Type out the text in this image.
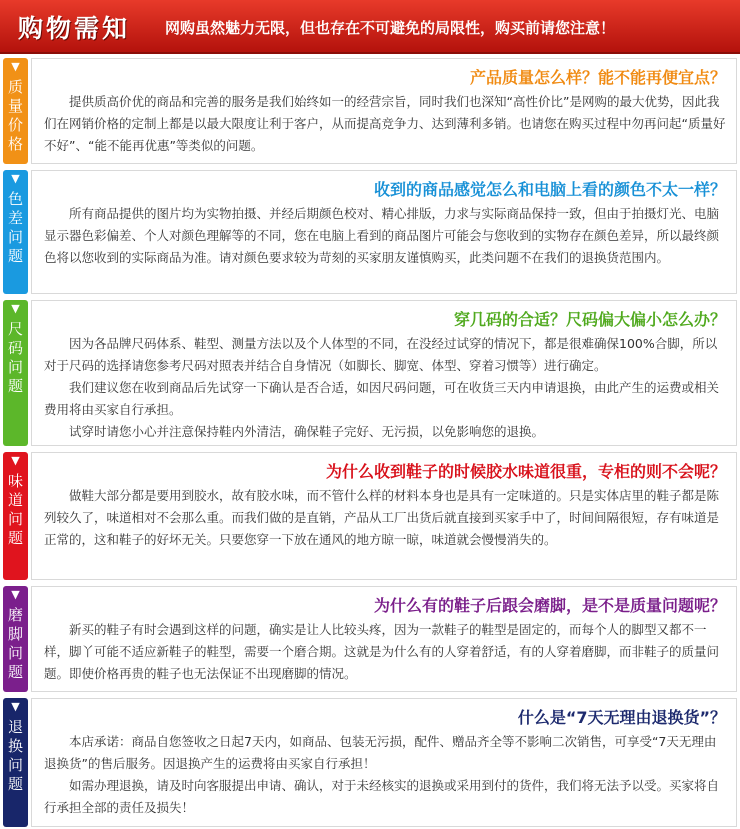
购物需知 网购虽然魅力无限，但也存在不可避免的局限性，购买前请您注意！
▼
质量价格
产品质量怎么样？能不能再便宜点？

提供质高价优的商品和完善的服务是我们始终如一的经营宗旨，同时我们也深知“高性价比”是网购的最大优势，因此我们在网销价格的定制上都是以最大限度让利于客户，从而提高竞争力、达到薄利多销。也请您在购买过程中勿再问起“质量好不好”、“能不能再优惠”等类似的问题。

▼
色差问题
收到的商品感觉怎么和电脑上看的颜色不太一样？

所有商品提供的图片均为实物拍摄、并经后期颜色校对、精心排版，力求与实际商品保持一致，但由于拍摄灯光、电脑显示器色彩偏差、个人对颜色理解等的不同，您在电脑上看到的商品图片可能会与您收到的实物存在颜色差异，所以最终颜色将以您收到的实际商品为准。请对颜色要求较为苛刻的买家朋友谨慎购买，此类问题不在我们的退换货范围内。

▼
尺码问题
穿几码的合适？尺码偏大偏小怎么办？

因为各品牌尺码体系、鞋型、测量方法以及个人体型的不同，在没经过试穿的情况下，都是很难确保100%合脚，所以对于尺码的选择请您参考尺码对照表并结合自身情况（如脚长、脚宽、体型、穿着习惯等）进行确定。

我们建议您在收到商品后先试穿一下确认是否合适，如因尺码问题，可在收货三天内申请退换，由此产生的运费或相关费用将由买家自行承担。

试穿时请您小心并注意保持鞋内外清洁，确保鞋子完好、无污损，以免影响您的退换。

▼
味道问题
为什么收到鞋子的时候胶水味道很重，专柜的则不会呢？

做鞋大部分都是要用到胶水，故有胶水味，而不管什么样的材料本身也是具有一定味道的。只是实体店里的鞋子都是陈列较久了，味道相对不会那么重。而我们做的是直销，产品从工厂出货后就直接到买家手中了，时间间隔很短，存有味道是正常的，这和鞋子的好坏无关。只要您穿一下放在通风的地方晾一晾，味道就会慢慢消失的。

▼
磨脚问题
为什么有的鞋子后跟会磨脚，是不是质量问题呢？

新买的鞋子有时会遇到这样的问题，确实是让人比较头疼，因为一款鞋子的鞋型是固定的，而每个人的脚型又都不一样，脚丫可能不适应新鞋子的鞋型，需要一个磨合期。这就是为什么有的人穿着舒适，有的人穿着磨脚，而非鞋子的质量问题。即使价格再贵的鞋子也无法保证不出现磨脚的情况。

▼
退换问题
什么是“7天无理由退换货”？

本店承诺：商品自您签收之日起7天内，如商品、包装无污损，配件、赠品齐全等不影响二次销售，可享受“7天无理由退换货”的售后服务。因退换产生的运费将由买家自行承担！

如需办理退换，请及时向客服提出申请、确认，对于未经核实的退换或采用到付的货件，我们将无法予以受。买家将自行承担全部的责任及损失！
